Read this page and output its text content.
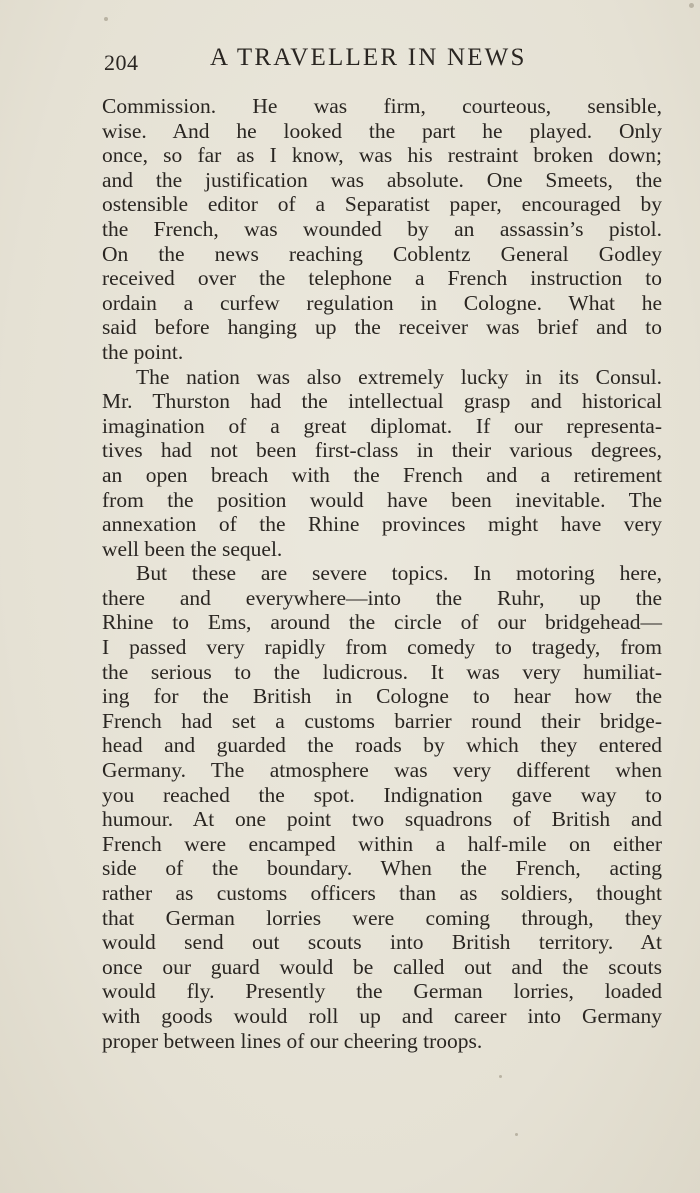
204	A TRAVELLER IN NEWS
Commission. He was firm, courteous, sensible,
wise. And he looked the part he played. Only
once, so far as I know, was his restraint broken down;
and the justification was absolute. One Smeets, the
ostensible editor of a Separatist paper, encouraged by
the French, was wounded by an assassin’s pistol.
On the news reaching Coblentz General Godley
received over the telephone a French instruction to
ordain a curfew regulation in Cologne. What he
said before hanging up the receiver was brief and to
the point.
The nation was also extremely lucky in its Consul.
Mr. Thurston had the intellectual grasp and historical
imagination of a great diplomat. If our representa-
tives had not been first-class in their various degrees,
an open breach with the French and a retirement
from the position would have been inevitable. The
annexation of the Rhine provinces might have very
well been the sequel.
But these are severe topics. In motoring here,
there and everywhere—into the Ruhr, up the
Rhine to Ems, around the circle of our bridgehead—
I passed very rapidly from comedy to tragedy, from
the serious to the ludicrous. It was very humiliat-
ing for the British in Cologne to hear how the
French had set a customs barrier round their bridge-
head and guarded the roads by which they entered
Germany. The atmosphere was very different when
you reached the spot. Indignation gave way to
humour. At one point two squadrons of British and
French were encamped within a half-mile on either
side of the boundary. When the French, acting
rather as customs officers than as soldiers, thought
that German lorries were coming through, they
would send out scouts into British territory. At
once our guard would be called out and the scouts
would fly. Presently the German lorries, loaded
with goods would roll up and career into Germany
proper between lines of our cheering troops.
